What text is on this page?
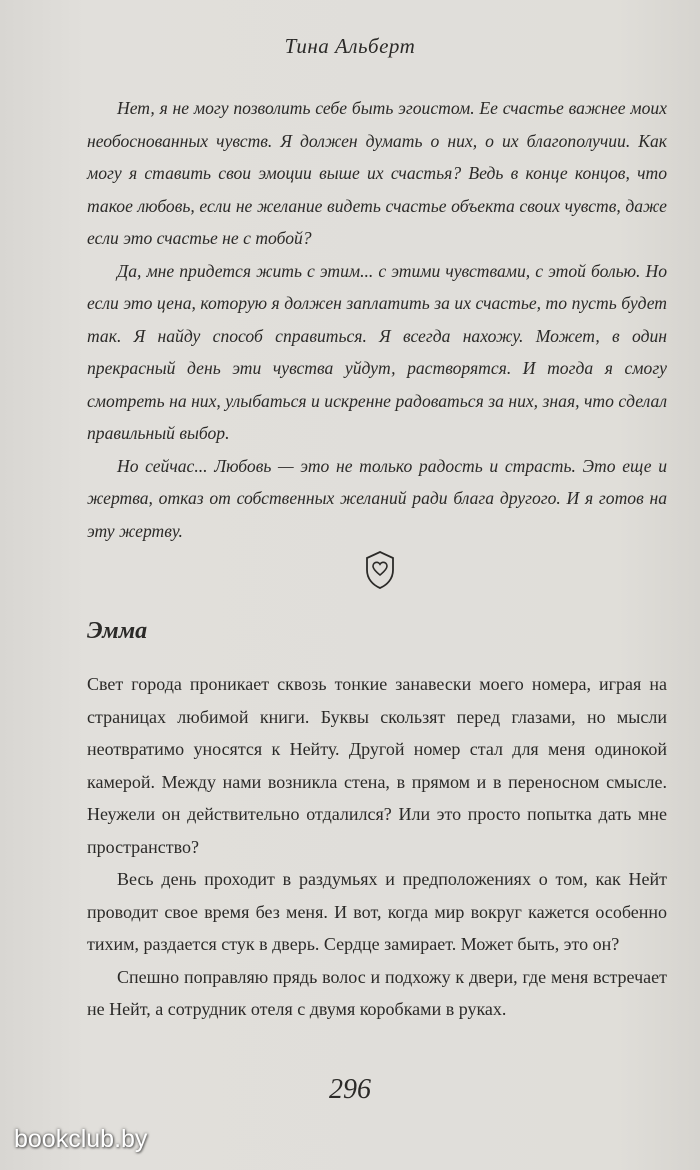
Тина Альберт

Нет, я не могу позволить себе быть эгоистом. Ее счастье важнее моих необоснованных чувств. Я должен думать о них, о их благополучии. Как могу я ставить свои эмоции выше их счастья? Ведь в конце концов, что такое любовь, если не желание видеть счастье объекта своих чувств, даже если это счастье не с тобой?

Да, мне придется жить с этим... с этими чувствами, с этой болью. Но если это цена, которую я должен заплатить за их счастье, то пусть будет так. Я найду способ справиться. Я всегда нахожу. Может, в один прекрасный день эти чувства уйдут, растворятся. И тогда я смогу смотреть на них, улыбаться и искренне радоваться за них, зная, что сделал правильный выбор.

Но сейчас... Любовь — это не только радость и страсть. Это еще и жертва, отказ от собственных желаний ради блага другого. И я готов на эту жертву.

Эмма

Свет города проникает сквозь тонкие занавески моего номера, играя на страницах любимой книги. Буквы скользят перед глазами, но мысли неотвратимо уносятся к Нейту. Другой номер стал для меня одинокой камерой. Между нами возникла стена, в прямом и в переносном смысле. Неужели он действительно отдалился? Или это просто попытка дать мне пространство?

Весь день проходит в раздумьях и предположениях о том, как Нейт проводит свое время без меня. И вот, когда мир вокруг кажется особенно тихим, раздается стук в дверь. Сердце замирает. Может быть, это он?

Спешно поправляю прядь волос и подхожу к двери, где меня встречает не Нейт, а сотрудник отеля с двумя коробками в руках.

296
bookclub.by
